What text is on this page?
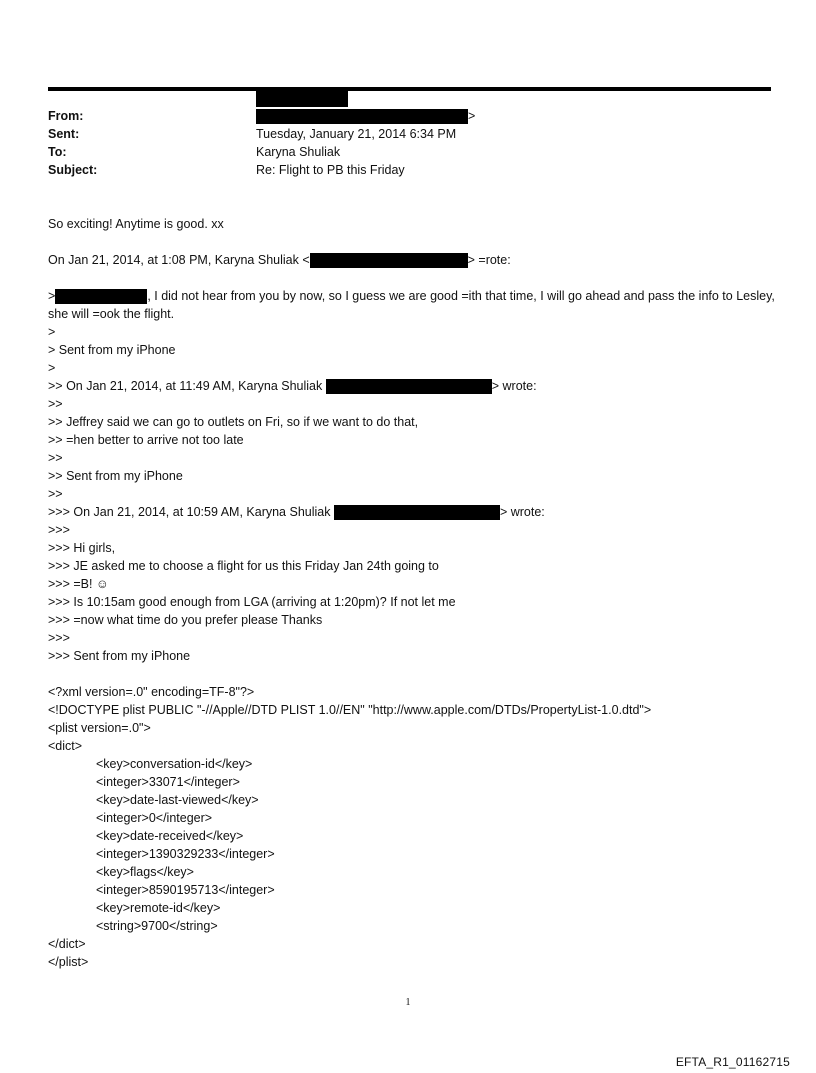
From:	>
Sent:	Tuesday, January 21, 2014 6:34 PM
To:	Karyna Shuliak
Subject:	Re: Flight to PB this Friday
So exciting! Anytime is good. xx
On Jan 21, 2014, at 1:08 PM, Karyna Shuliak <	> =rote:
>	, I did not hear from you by now, so I guess we are good =ith that time, I will go ahead and pass the info to Lesley, she will =ook the flight.
>
> Sent from my iPhone
>
>> On Jan 21, 2014, at 11:49 AM, Karyna Shuliak	> wrote:
>>
>> Jeffrey said we can go to outlets on Fri, so if we want to do that,
>> =hen better to arrive not too late
>>
>> Sent from my iPhone
>>
>>> On Jan 21, 2014, at 10:59 AM, Karyna Shuliak	> wrote:
>>>
>>> Hi girls,
>>> JE asked me to choose a flight for us this Friday Jan 24th going to
>>> =B! ☺
>>> Is 10:15am good enough from LGA (arriving at 1:20pm)? If not let me
>>> =now what time do you prefer please Thanks
>>>
>>> Sent from my iPhone
<?xml version=.0" encoding=TF-8"?>
<!DOCTYPE plist PUBLIC "-//Apple//DTD PLIST 1.0//EN" "http://www.apple.com/DTDs/PropertyList-1.0.dtd">
<plist version=.0">
<dict>
<key>conversation-id</key>
<integer>33071</integer>
<key>date-last-viewed</key>
<integer>0</integer>
<key>date-received</key>
<integer>1390329233</integer>
<key>flags</key>
<integer>8590195713</integer>
<key>remote-id</key>
<string>9700</string>
</dict>
</plist>
1
EFTA_R1_01162715
